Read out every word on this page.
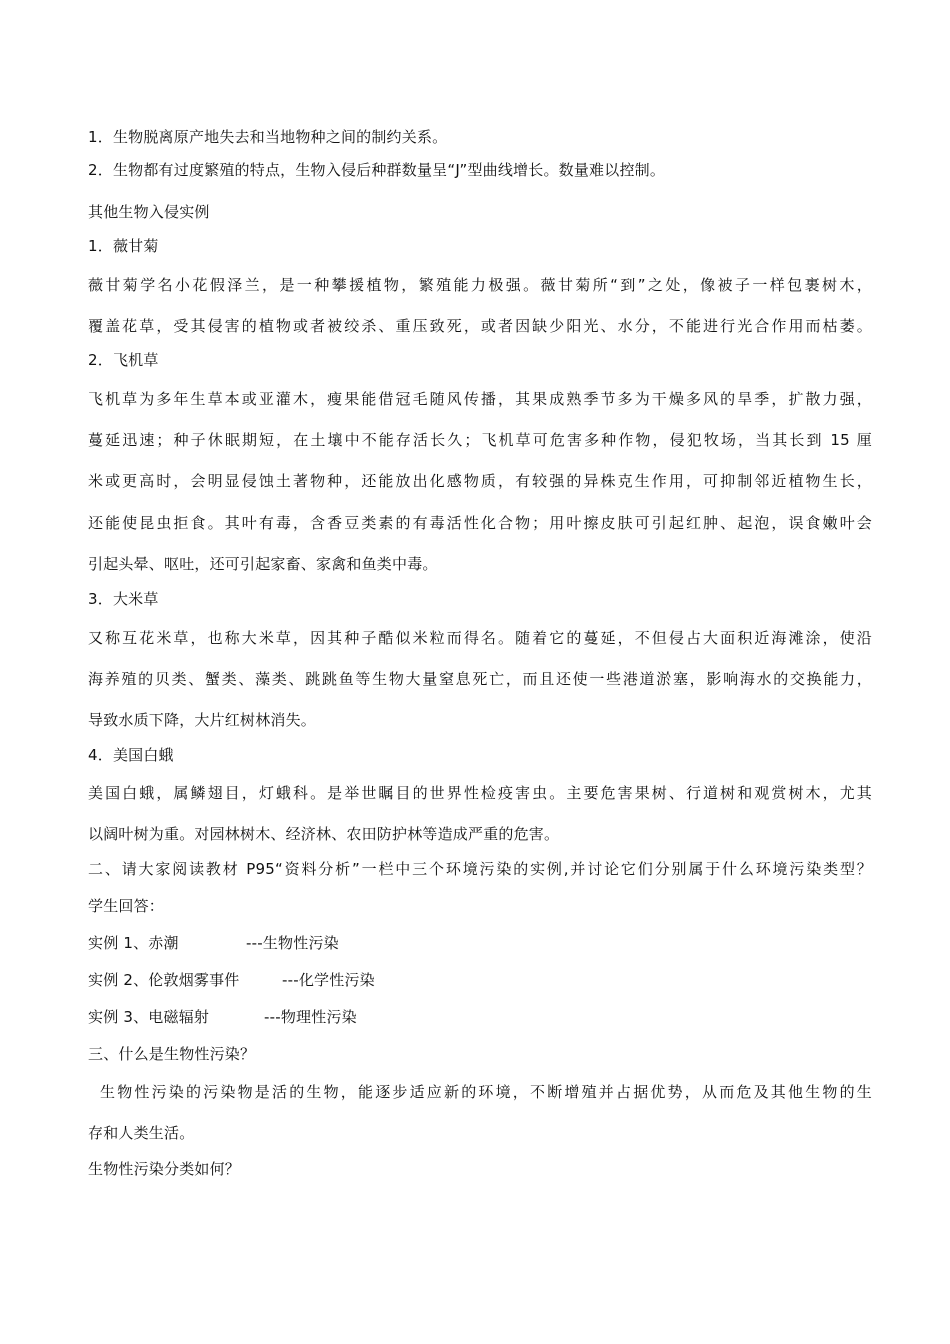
1．生物脱离原产地失去和当地物种之间的制约关系。
2．生物都有过度繁殖的特点，生物入侵后种群数量呈“J”型曲线增长。数量难以控制。
其他生物入侵实例
1．薇甘菊
薇甘菊学名小花假泽兰，是一种攀援植物，繁殖能力极强。薇甘菊所“到”之处，像被子一样包裹树木，
覆盖花草，受其侵害的植物或者被绞杀、重压致死，或者因缺少阳光、水分，不能进行光合作用而枯萎。
2．飞机草
飞机草为多年生草本或亚灌木，瘦果能借冠毛随风传播，其果成熟季节多为干燥多风的旱季，扩散力强，
蔓延迅速；种子休眠期短，在土壤中不能存活长久；飞机草可危害多种作物，侵犯牧场，当其长到 15 厘
米或更高时，会明显侵蚀土著物种，还能放出化感物质，有较强的异株克生作用，可抑制邻近植物生长，
还能使昆虫拒食。其叶有毒，含香豆类素的有毒活性化合物；用叶擦皮肤可引起红肿、起泡，误食嫩叶会
引起头晕、呕吐，还可引起家畜、家禽和鱼类中毒。
3．大米草
又称互花米草，也称大米草，因其种子酷似米粒而得名。随着它的蔓延，不但侵占大面积近海滩涂，使沿
海养殖的贝类、蟹类、藻类、跳跳鱼等生物大量窒息死亡，而且还使一些港道淤塞，影响海水的交换能力，
导致水质下降，大片红树林消失。
4．美国白蛾
美国白蛾，属鳞翅目，灯蛾科。是举世瞩目的世界性检疫害虫。主要危害果树、行道树和观赏树木，尤其
以阔叶树为重。对园林树木、经济林、农田防护林等造成严重的危害。
二、请大家阅读教材 P95“资料分析”一栏中三个环境污染的实例,并讨论它们分别属于什么环境污染类型？
学生回答：
实例 1、赤潮	---生物性污染
实例 2、伦敦烟雾事件	---化学性污染
实例 3、电磁辐射	---物理性污染
三、什么是生物性污染？
生物性污染的污染物是活的生物，能逐步适应新的环境，不断增殖并占据优势，从而危及其他生物的生
存和人类生活。
生物性污染分类如何？
